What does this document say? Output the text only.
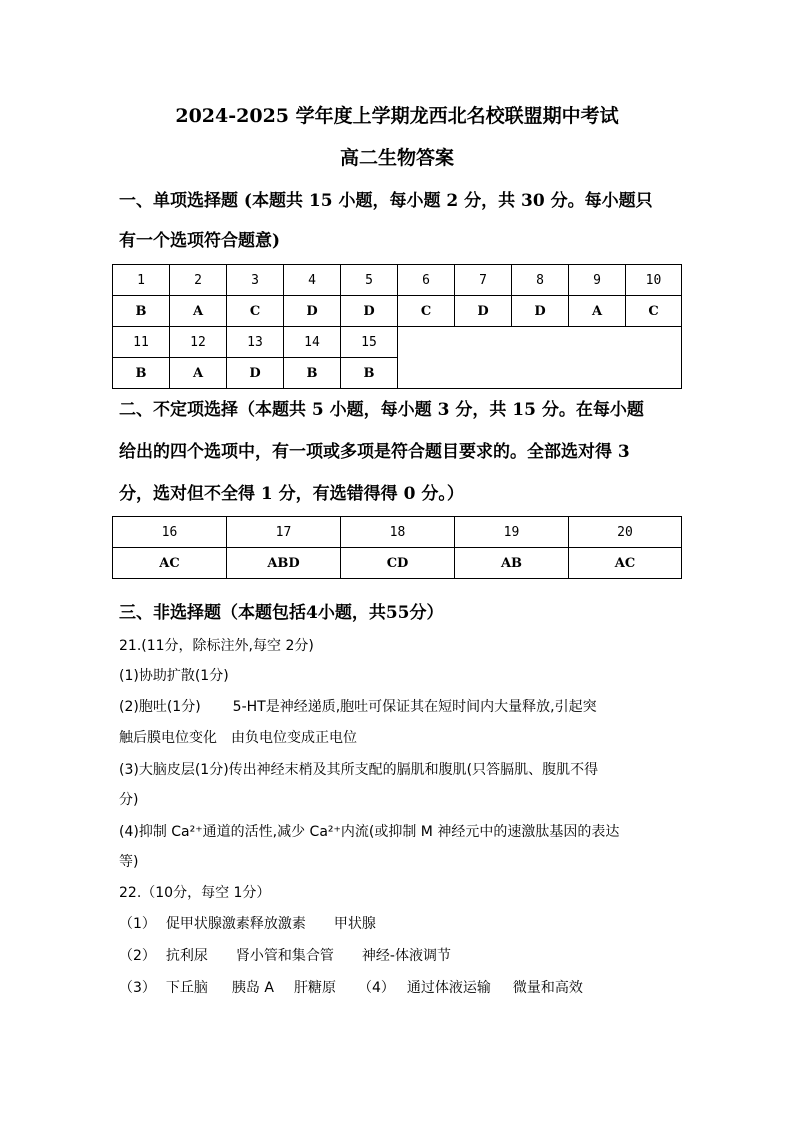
2024-2025 学年度上学期龙西北名校联盟期中考试
高二生物答案
一、单项选择题 (本题共 15 小题，每小题 2 分，共 30 分。每小题只
有一个选项符合题意)
1	2	3	4	5	6	7	8	9	10
B	A	C	D	D	C	D	D	A	C
11	12	13	14	15					
B	A	D	B	B					
二、不定项选择（本题共 5 小题，每小题 3 分，共 15 分。在每小题
给出的四个选项中，有一项或多项是符合题目要求的。全部选对得 3
分，选对但不全得 1 分，有选错得得 0 分。）
16	17	18	19	20
AC	ABD	CD	AB	AC
三、非选择题（本题包括4小题，共55分）
21.(11分，除标注外,每空 2分)
(1)协助扩散(1分)
(2)胞吐(1分) 5-HT是神经递质,胞吐可保证其在短时间内大量释放,引起突
触后膜电位变化 由负电位变成正电位
(3)大脑皮层(1分)传出神经末梢及其所支配的膈肌和腹肌(只答膈肌、腹肌不得
分)
(4)抑制 Ca²⁺通道的活性,减少 Ca²⁺内流(或抑制 M 神经元中的速激肽基因的表达
等)
22.（10分，每空 1分）
（1） 促甲状腺激素释放激素 甲状腺
（2） 抗利尿 肾小管和集合管 神经-体液调节
（3） 下丘脑 胰岛 A 肝糖原 （4） 通过体液运输 微量和高效
